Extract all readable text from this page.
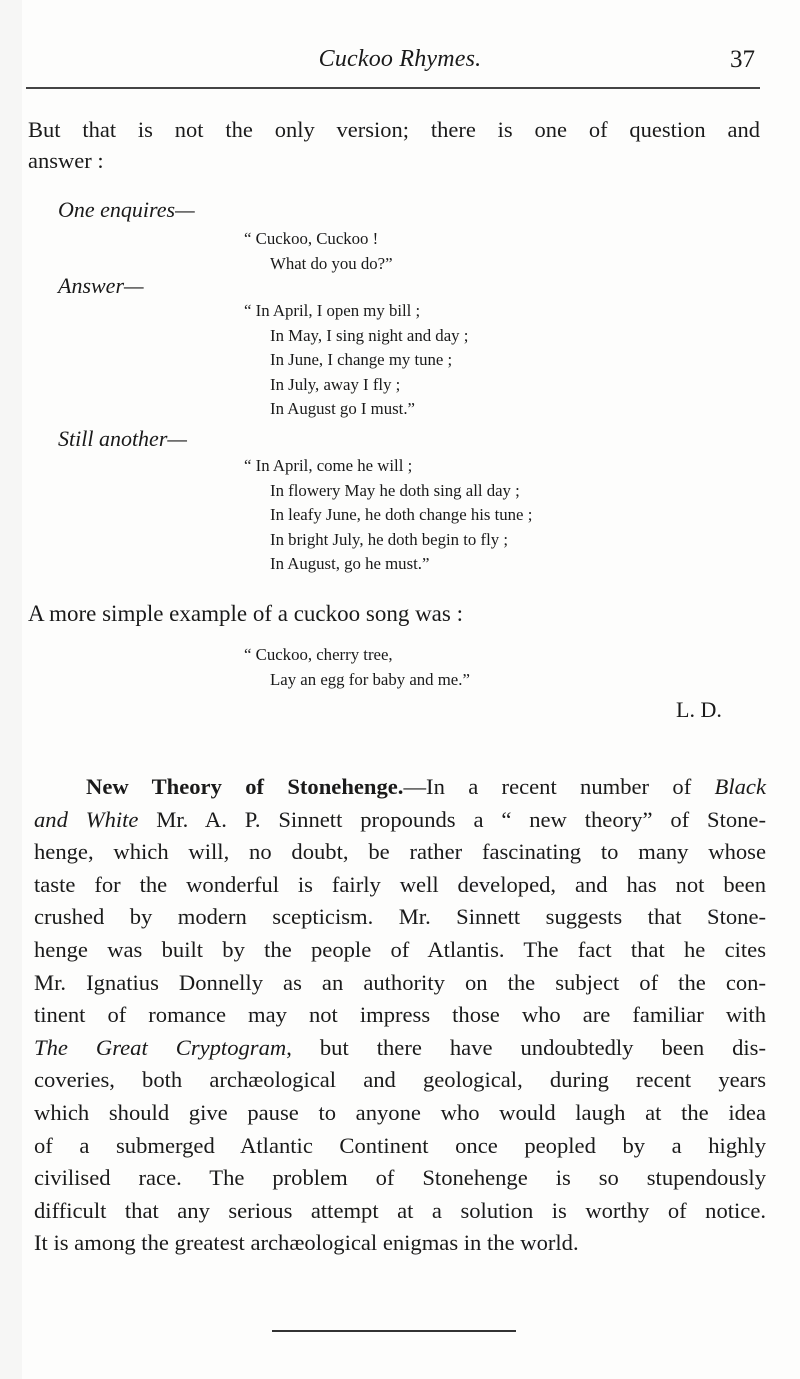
Cuckoo Rhymes.	37
But that is not the only version; there is one of question and
answer :
One enquires—
“ Cuckoo, Cuckoo !
What do you do?”
Answer—
“ In April, I open my bill ;
In May, I sing night and day ;
In June, I change my tune ;
In July, away I fly ;
In August go I must.”
Still another—
“ In April, come he will ;
In flowery May he doth sing all day ;
In leafy June, he doth change his tune ;
In bright July, he doth begin to fly ;
In August, go he must.”
A more simple example of a cuckoo song was :
“ Cuckoo, cherry tree,
Lay an egg for baby and me.”
L. D.
New Theory of Stonehenge.—In a recent number of Black
and White Mr. A. P. Sinnett propounds a “ new theory” of Stone-
henge, which will, no doubt, be rather fascinating to many whose
taste for the wonderful is fairly well developed, and has not been
crushed by modern scepticism. Mr. Sinnett suggests that Stone-
henge was built by the people of Atlantis. The fact that he cites
Mr. Ignatius Donnelly as an authority on the subject of the con-
tinent of romance may not impress those who are familiar with
The Great Cryptogram, but there have undoubtedly been dis-
coveries, both archæological and geological, during recent years
which should give pause to anyone who would laugh at the idea
of a submerged Atlantic Continent once peopled by a highly
civilised race. The problem of Stonehenge is so stupendously
difficult that any serious attempt at a solution is worthy of notice.
It is among the greatest archæological enigmas in the world.
